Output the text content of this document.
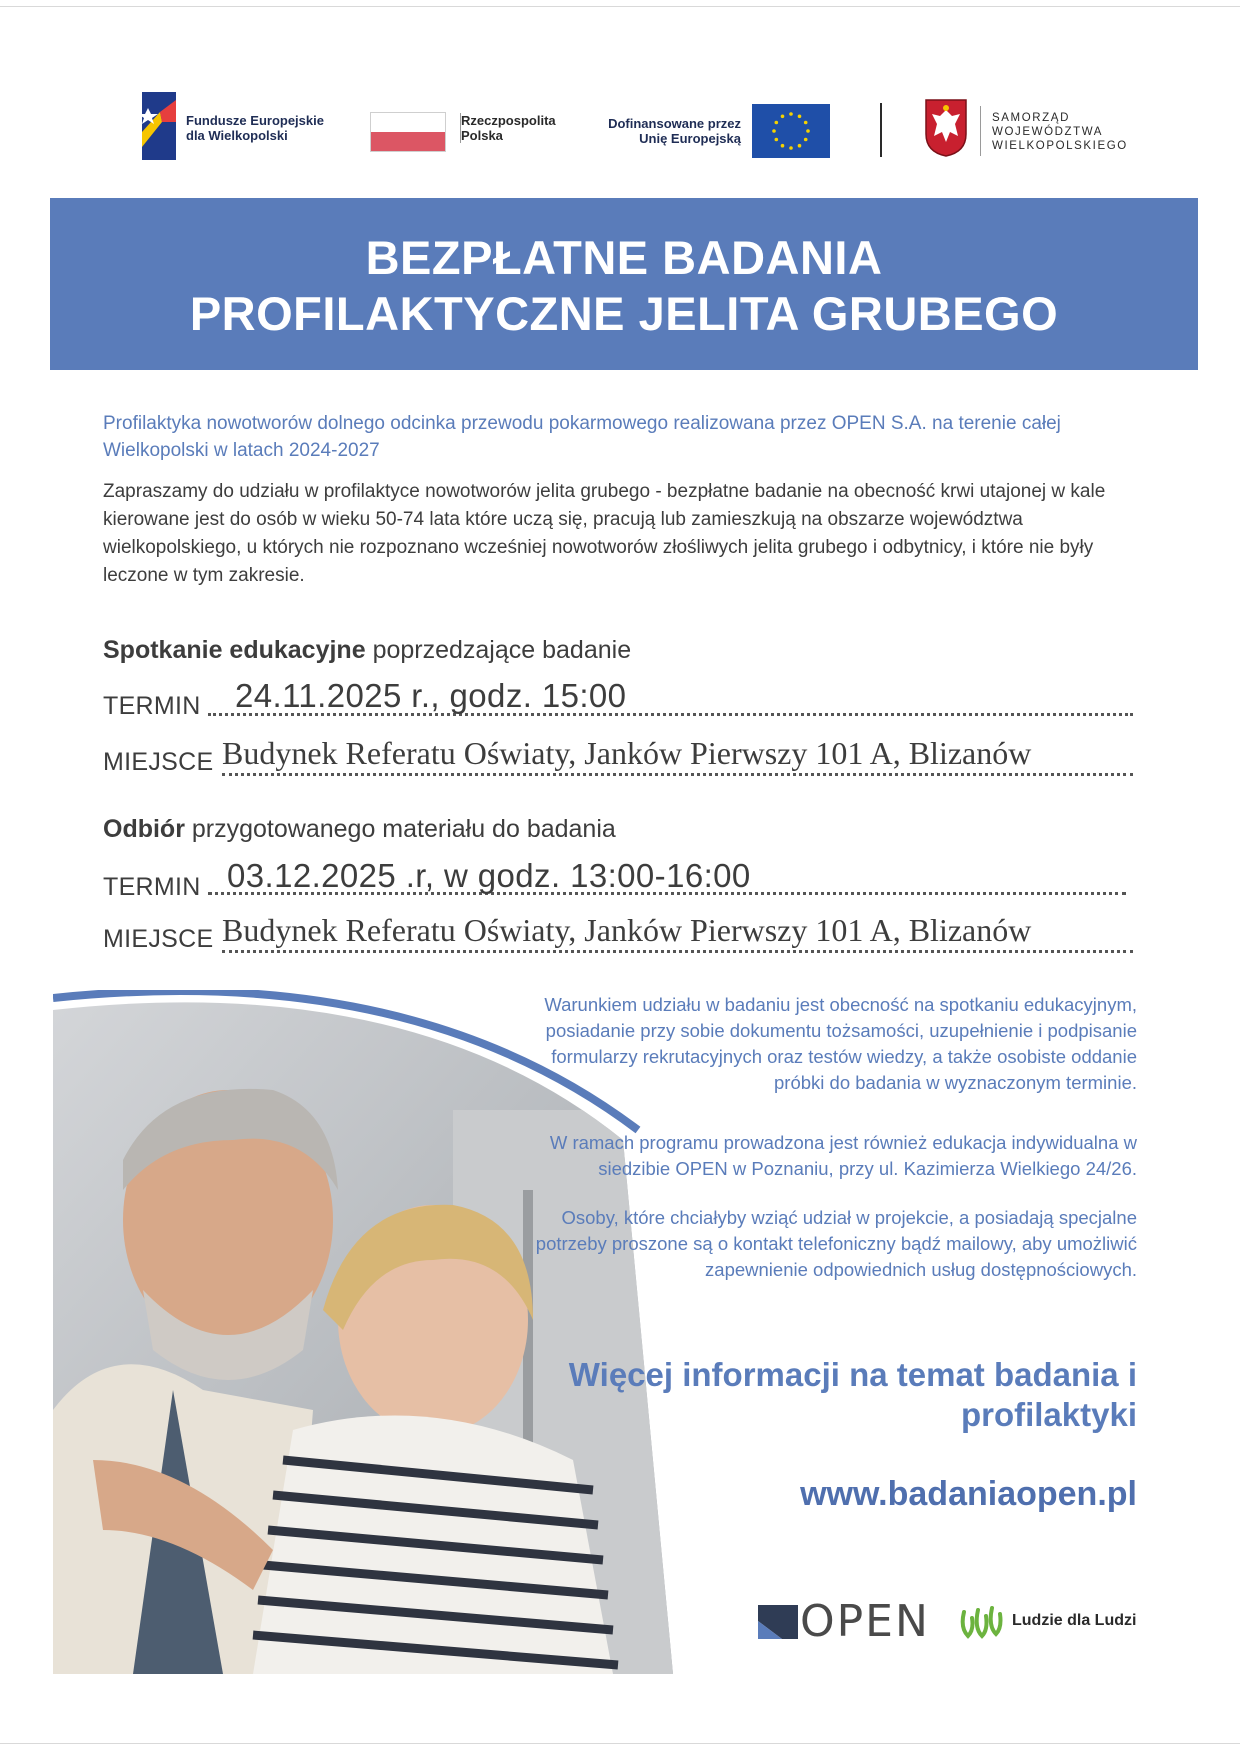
Fundusze Europejskie
dla Wielkopolski
Rzeczpospolita
Polska
Dofinansowane przez
Unię Europejską
SAMORZĄD
WOJEWÓDZTWA
WIELKOPOLSKIEGO
BEZPŁATNE BADANIA
PROFILAKTYCZNE JELITA GRUBEGO
Profilaktyka nowotworów dolnego odcinka przewodu pokarmowego realizowana przez OPEN S.A. na terenie całej Wielkopolski w latach 2024-2027
Zapraszamy do udziału w profilaktyce nowotworów jelita grubego - bezpłatne badanie na obecność krwi utajonej w kale kierowane jest do osób w wieku 50-74 lata które uczą się, pracują lub zamieszkują na obszarze województwa wielkopolskiego, u których nie rozpoznano wcześniej nowotworów złośliwych jelita grubego i odbytnicy, i które nie były leczone w tym zakresie.
Spotkanie edukacyjne poprzedzające badanie
TERMIN 24.11.2025 r., godz. 15:00
MIEJSCE Budynek Referatu Oświaty, Janków Pierwszy 101 A, Blizanów
Odbiór przygotowanego materiału do badania
TERMIN 03.12.2025 .r, w godz. 13:00-16:00
MIEJSCE Budynek Referatu Oświaty, Janków Pierwszy 101 A, Blizanów
Warunkiem udziału w badaniu jest obecność na spotkaniu edukacyjnym, posiadanie przy sobie dokumentu tożsamości, uzupełnienie i podpisanie formularzy rekrutacyjnych oraz testów wiedzy, a także osobiste oddanie próbki do badania w wyznaczonym terminie.
W ramach programu prowadzona jest również edukacja indywidualna w siedzibie OPEN w Poznaniu, przy ul. Kazimierza Wielkiego 24/26.
Osoby, które chciałyby wziąć udział w projekcie, a posiadają specjalne potrzeby proszone są o kontakt telefoniczny bądź mailowy, aby umożliwić zapewnienie odpowiednich usług dostępnościowych.
Więcej informacji na temat badania i profilaktyki
www.badaniaopen.pl
OPEN	Ludzie dla Ludzi
